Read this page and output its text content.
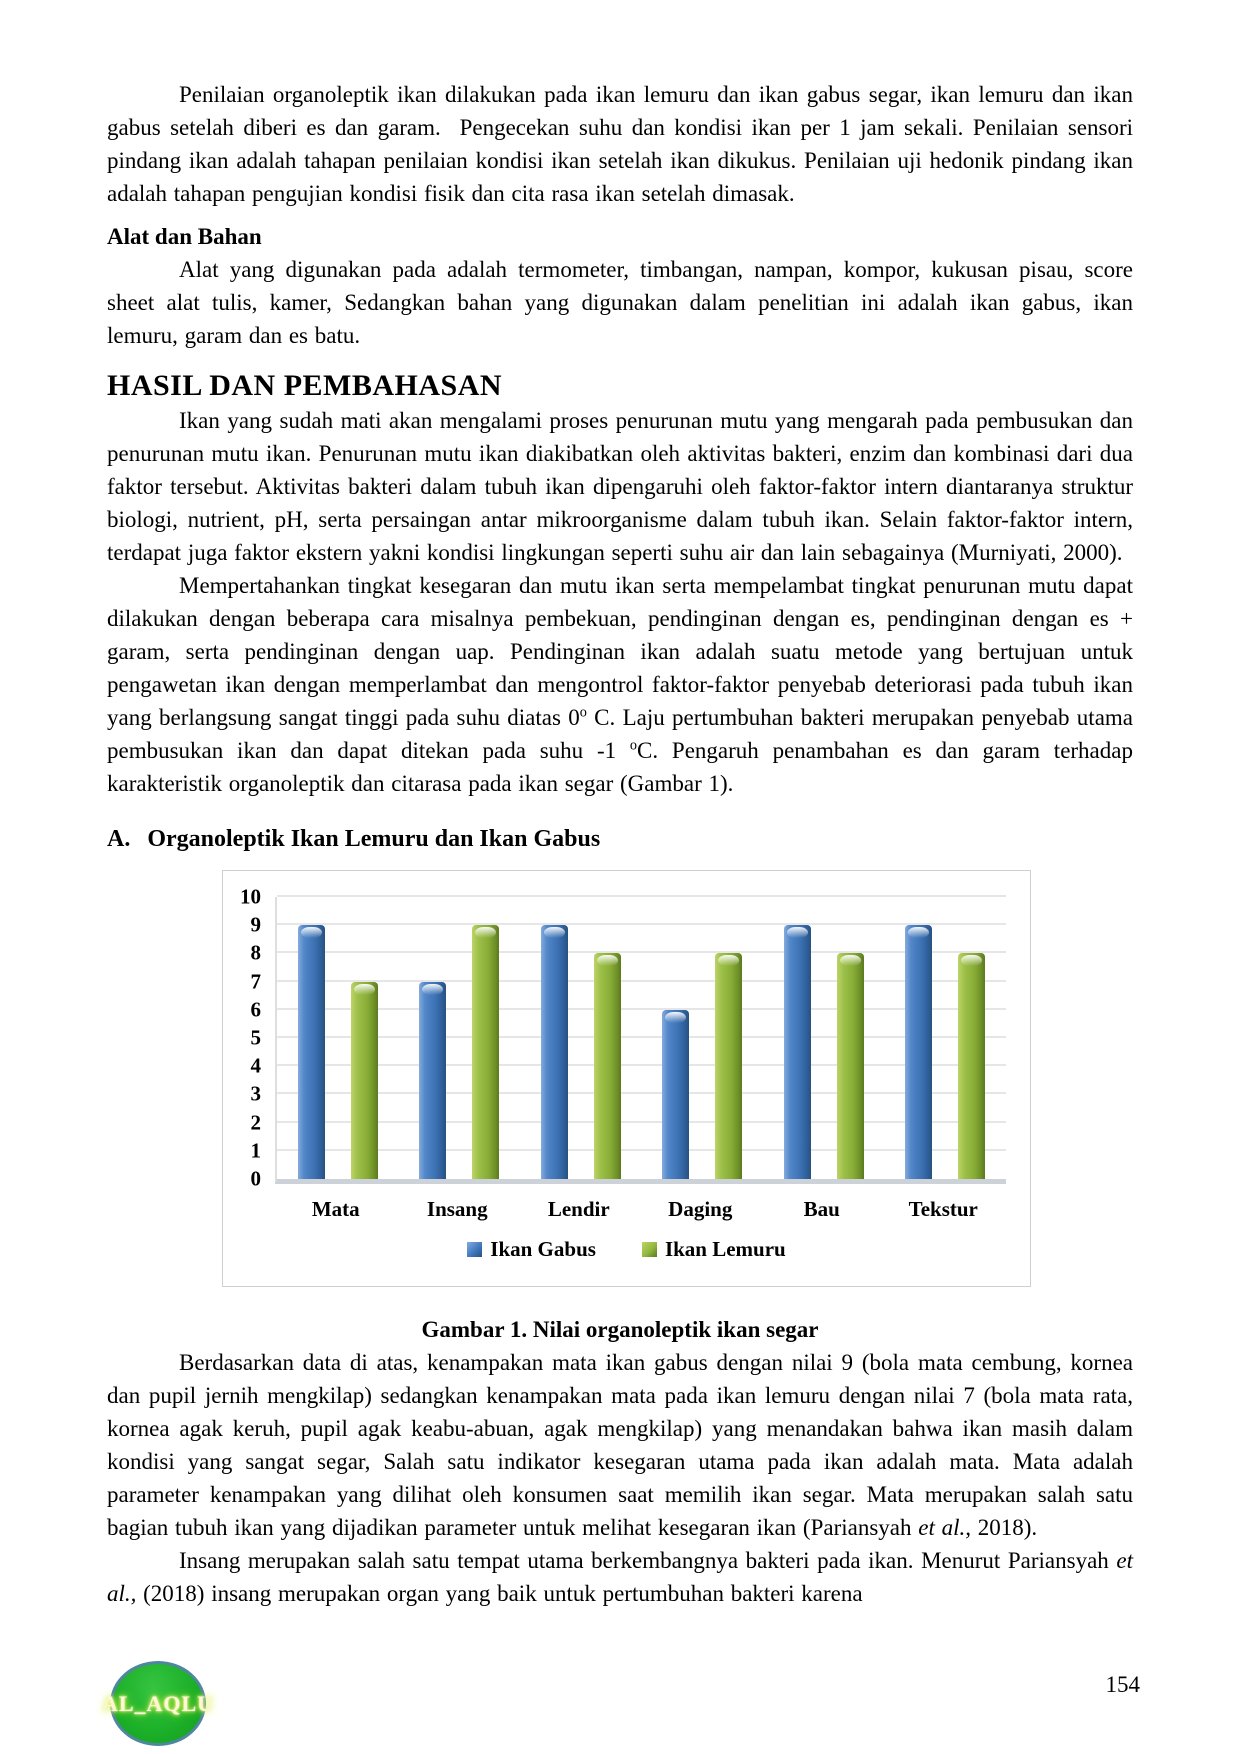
Penilaian organoleptik ikan dilakukan pada ikan lemuru dan ikan gabus segar, ikan lemuru dan ikan gabus setelah diberi es dan garam.  Pengecekan suhu dan kondisi ikan per 1 jam sekali. Penilaian sensori pindang ikan adalah tahapan penilaian kondisi ikan setelah ikan dikukus. Penilaian uji hedonik pindang ikan adalah tahapan pengujian kondisi fisik dan cita rasa ikan setelah dimasak.

Alat dan Bahan

Alat yang digunakan pada adalah termometer, timbangan, nampan, kompor, kukusan pisau, score sheet alat tulis, kamer, Sedangkan bahan yang digunakan dalam penelitian ini adalah ikan gabus, ikan lemuru, garam dan es batu.

HASIL DAN PEMBAHASAN

Ikan yang sudah mati akan mengalami proses penurunan mutu yang mengarah pada pembusukan dan penurunan mutu ikan. Penurunan mutu ikan diakibatkan oleh aktivitas bakteri, enzim dan kombinasi dari dua faktor tersebut. Aktivitas bakteri dalam tubuh ikan dipengaruhi oleh faktor-faktor intern diantaranya struktur biologi, nutrient, pH, serta persaingan antar mikroorganisme dalam tubuh ikan. Selain faktor-faktor intern, terdapat juga faktor ekstern yakni kondisi lingkungan seperti suhu air dan lain sebagainya (Murniyati, 2000).

Mempertahankan tingkat kesegaran dan mutu ikan serta mempelambat tingkat penurunan mutu dapat dilakukan dengan beberapa cara misalnya pembekuan, pendinginan dengan es, pendinginan dengan es + garam, serta pendinginan dengan uap. Pendinginan ikan adalah suatu metode yang bertujuan untuk pengawetan ikan dengan memperlambat dan mengontrol faktor-faktor penyebab deteriorasi pada tubuh ikan yang berlangsung sangat tinggi pada suhu diatas 0$^o$ C. Laju pertumbuhan bakteri merupakan penyebab utama pembusukan ikan dan dapat ditekan pada suhu -1 $^o$C. Pengaruh penambahan es dan garam terhadap karakteristik organoleptik dan citarasa pada ikan segar (Gambar 1).

A. Organoleptik Ikan Lemuru dan Ikan Gabus
0
1
2
3
4
5
6
7
8
9
10
Mata	Insang	Lendir	Daging	Bau	Tekstur
Ikan Gabus	Ikan Lemuru

Gambar 1. Nilai organoleptik ikan segar

Berdasarkan data di atas, kenampakan mata ikan gabus dengan nilai 9 (bola mata cembung, kornea dan pupil jernih mengkilap) sedangkan kenampakan mata pada ikan lemuru dengan nilai 7 (bola mata rata, kornea agak keruh, pupil agak keabu-abuan, agak mengkilap) yang menandakan bahwa ikan masih dalam kondisi yang sangat segar, Salah satu indikator kesegaran utama pada ikan adalah mata. Mata adalah parameter kenampakan yang dilihat oleh konsumen saat memilih ikan segar. Mata merupakan salah satu bagian tubuh ikan yang dijadikan parameter untuk melihat kesegaran ikan (Pariansyah et al., 2018).

Insang merupakan salah satu tempat utama berkembangnya bakteri pada ikan. Menurut Pariansyah et al., (2018) insang merupakan organ yang baik untuk pertumbuhan bakteri karena

AL_AQLU
154
